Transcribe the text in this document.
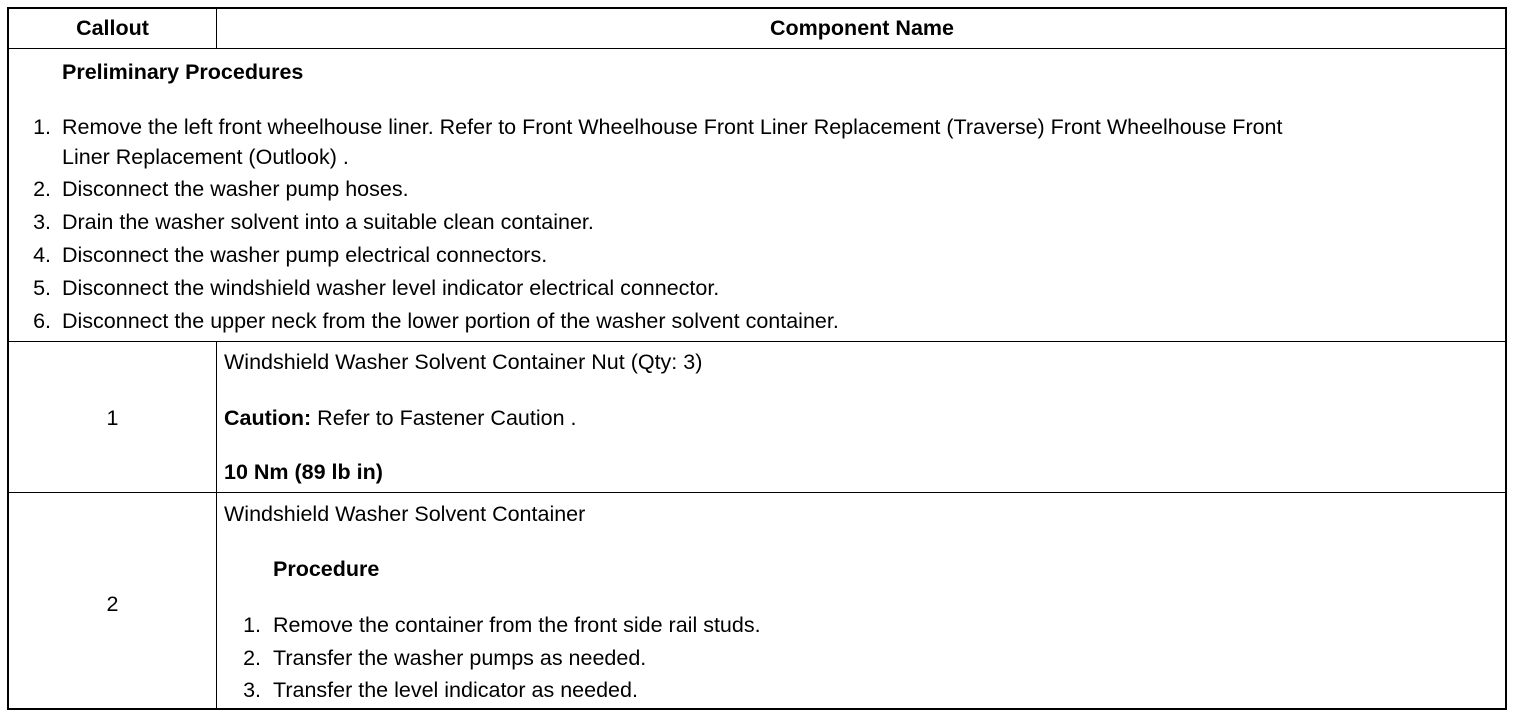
Callout	Component Name
Preliminary Procedures
1. Remove the left front wheelhouse liner. Refer to Front Wheelhouse Front Liner Replacement (Traverse) Front Wheelhouse Front
Liner Replacement (Outlook) .
2. Disconnect the washer pump hoses.
3. Drain the washer solvent into a suitable clean container.
4. Disconnect the washer pump electrical connectors.
5. Disconnect the windshield washer level indicator electrical connector.
6. Disconnect the upper neck from the lower portion of the washer solvent container.
1
Windshield Washer Solvent Container Nut (Qty: 3)
Caution: Refer to Fastener Caution .
10 Nm (89 lb in)
2
Windshield Washer Solvent Container
Procedure
1. Remove the container from the front side rail studs.
2. Transfer the washer pumps as needed.
3. Transfer the level indicator as needed.
